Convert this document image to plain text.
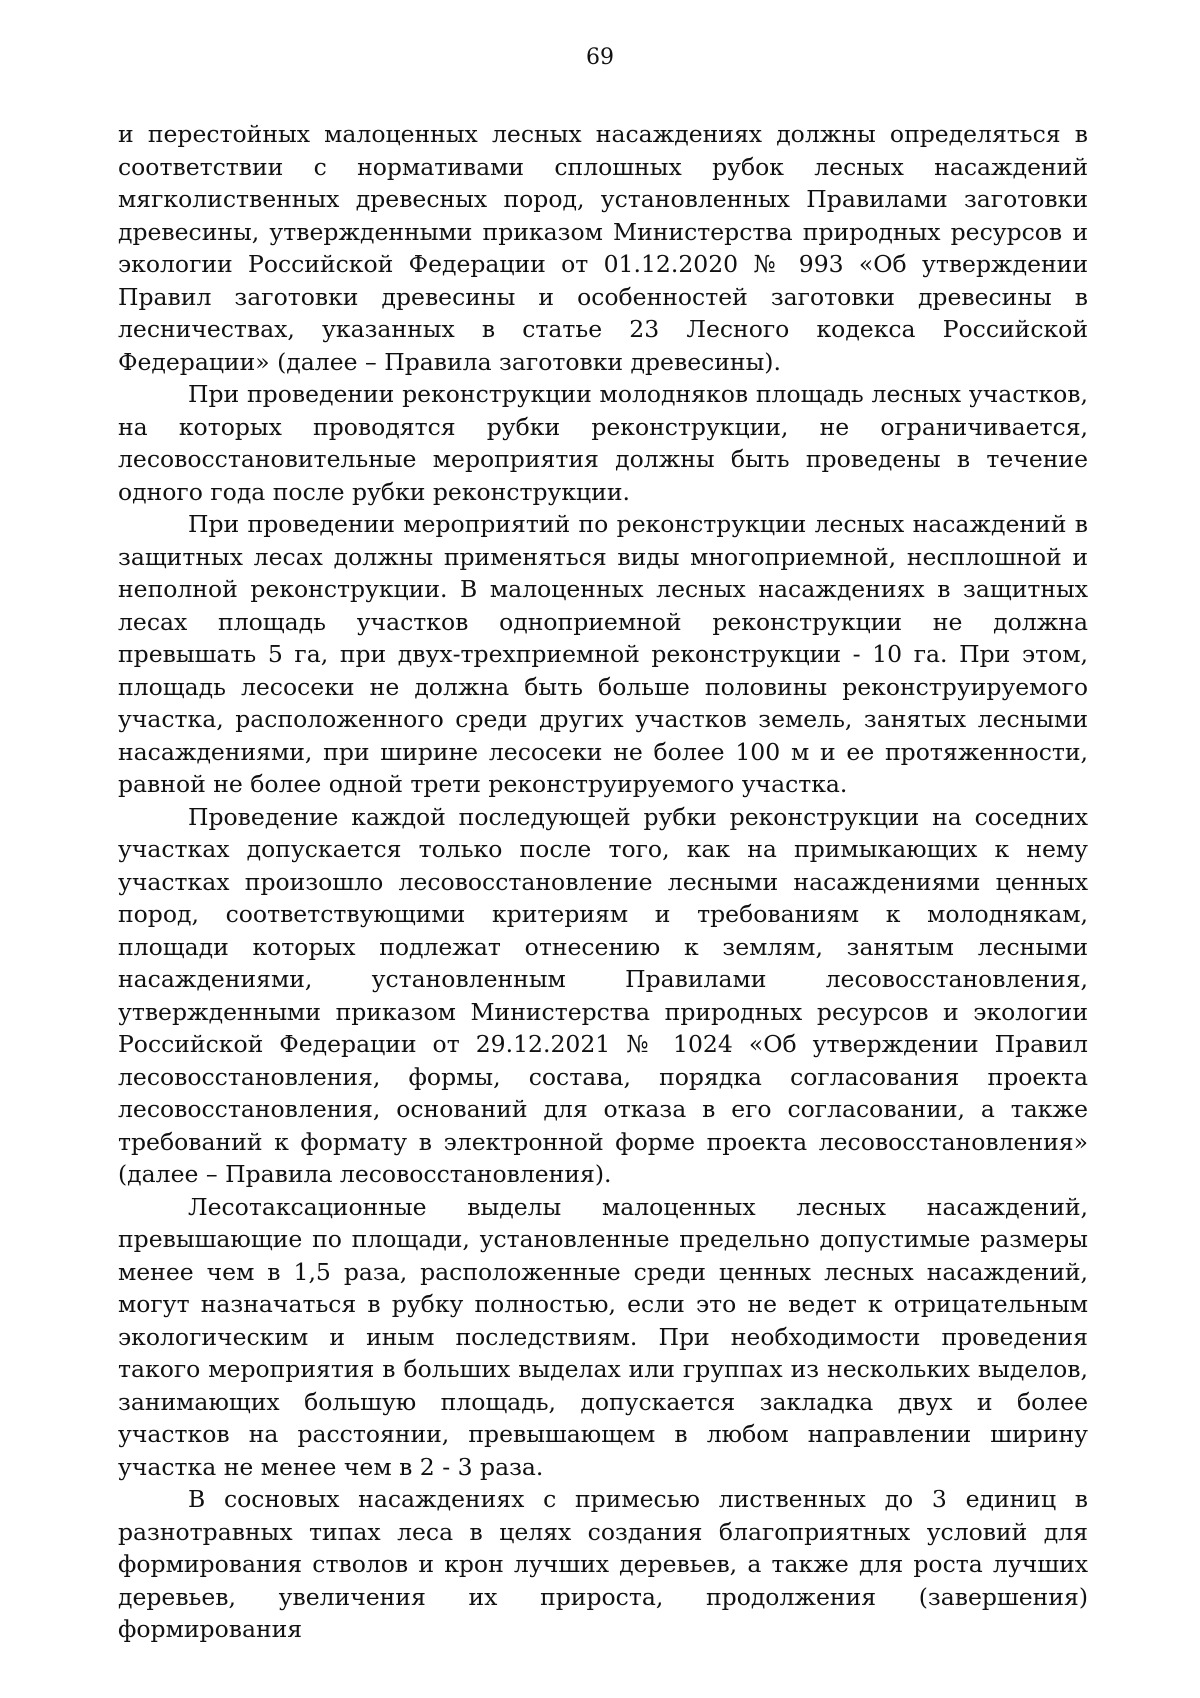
69

и перестойных малоценных лесных насаждениях должны определяться в соответствии с нормативами сплошных рубок лесных насаждений мягколиственных древесных пород, установленных Правилами заготовки древесины, утвержденными приказом Министерства природных ресурсов и экологии Российской Федерации от 01.12.2020 № 993 «Об утверждении Правил заготовки древесины и особенностей заготовки древесины в лесничествах, указанных в статье 23 Лесного кодекса Российской Федерации» (далее – Правила заготовки древесины).

При проведении реконструкции молодняков площадь лесных участков, на которых проводятся рубки реконструкции, не ограничивается, лесовосстановительные мероприятия должны быть проведены в течение одного года после рубки реконструкции.

При проведении мероприятий по реконструкции лесных насаждений в защитных лесах должны применяться виды многоприемной, несплошной и неполной реконструкции. В малоценных лесных насаждениях в защитных лесах площадь участков одноприемной реконструкции не должна превышать 5 га, при двух-трехприемной реконструкции - 10 га. При этом, площадь лесосеки не должна быть больше половины реконструируемого участка, расположенного среди других участков земель, занятых лесными насаждениями, при ширине лесосеки не более 100 м и ее протяженности, равной не более одной трети реконструируемого участка.

Проведение каждой последующей рубки реконструкции на соседних участках допускается только после того, как на примыкающих к нему участках произошло лесовосстановление лесными насаждениями ценных пород, соответствующими критериям и требованиям к молоднякам, площади которых подлежат отнесению к землям, занятым лесными насаждениями, установленным Правилами лесовосстановления, утвержденными приказом Министерства природных ресурсов и экологии Российской Федерации от 29.12.2021 № 1024 «Об утверждении Правил лесовосстановления, формы, состава, порядка согласования проекта лесовосстановления, оснований для отказа в его согласовании, а также требований к формату в электронной форме проекта лесовосстановления» (далее – Правила лесовосстановления).

Лесотаксационные выделы малоценных лесных насаждений, превышающие по площади, установленные предельно допустимые размеры менее чем в 1,5 раза, расположенные среди ценных лесных насаждений, могут назначаться в рубку полностью, если это не ведет к отрицательным экологическим и иным последствиям. При необходимости проведения такого мероприятия в больших выделах или группах из нескольких выделов, занимающих большую площадь, допускается закладка двух и более участков на расстоянии, превышающем в любом направлении ширину участка не менее чем в 2 - 3 раза.

В сосновых насаждениях с примесью лиственных до 3 единиц в разнотравных типах леса в целях создания благоприятных условий для формирования стволов и крон лучших деревьев, а также для роста лучших деревьев, увеличения их прироста, продолжения (завершения) формирования
